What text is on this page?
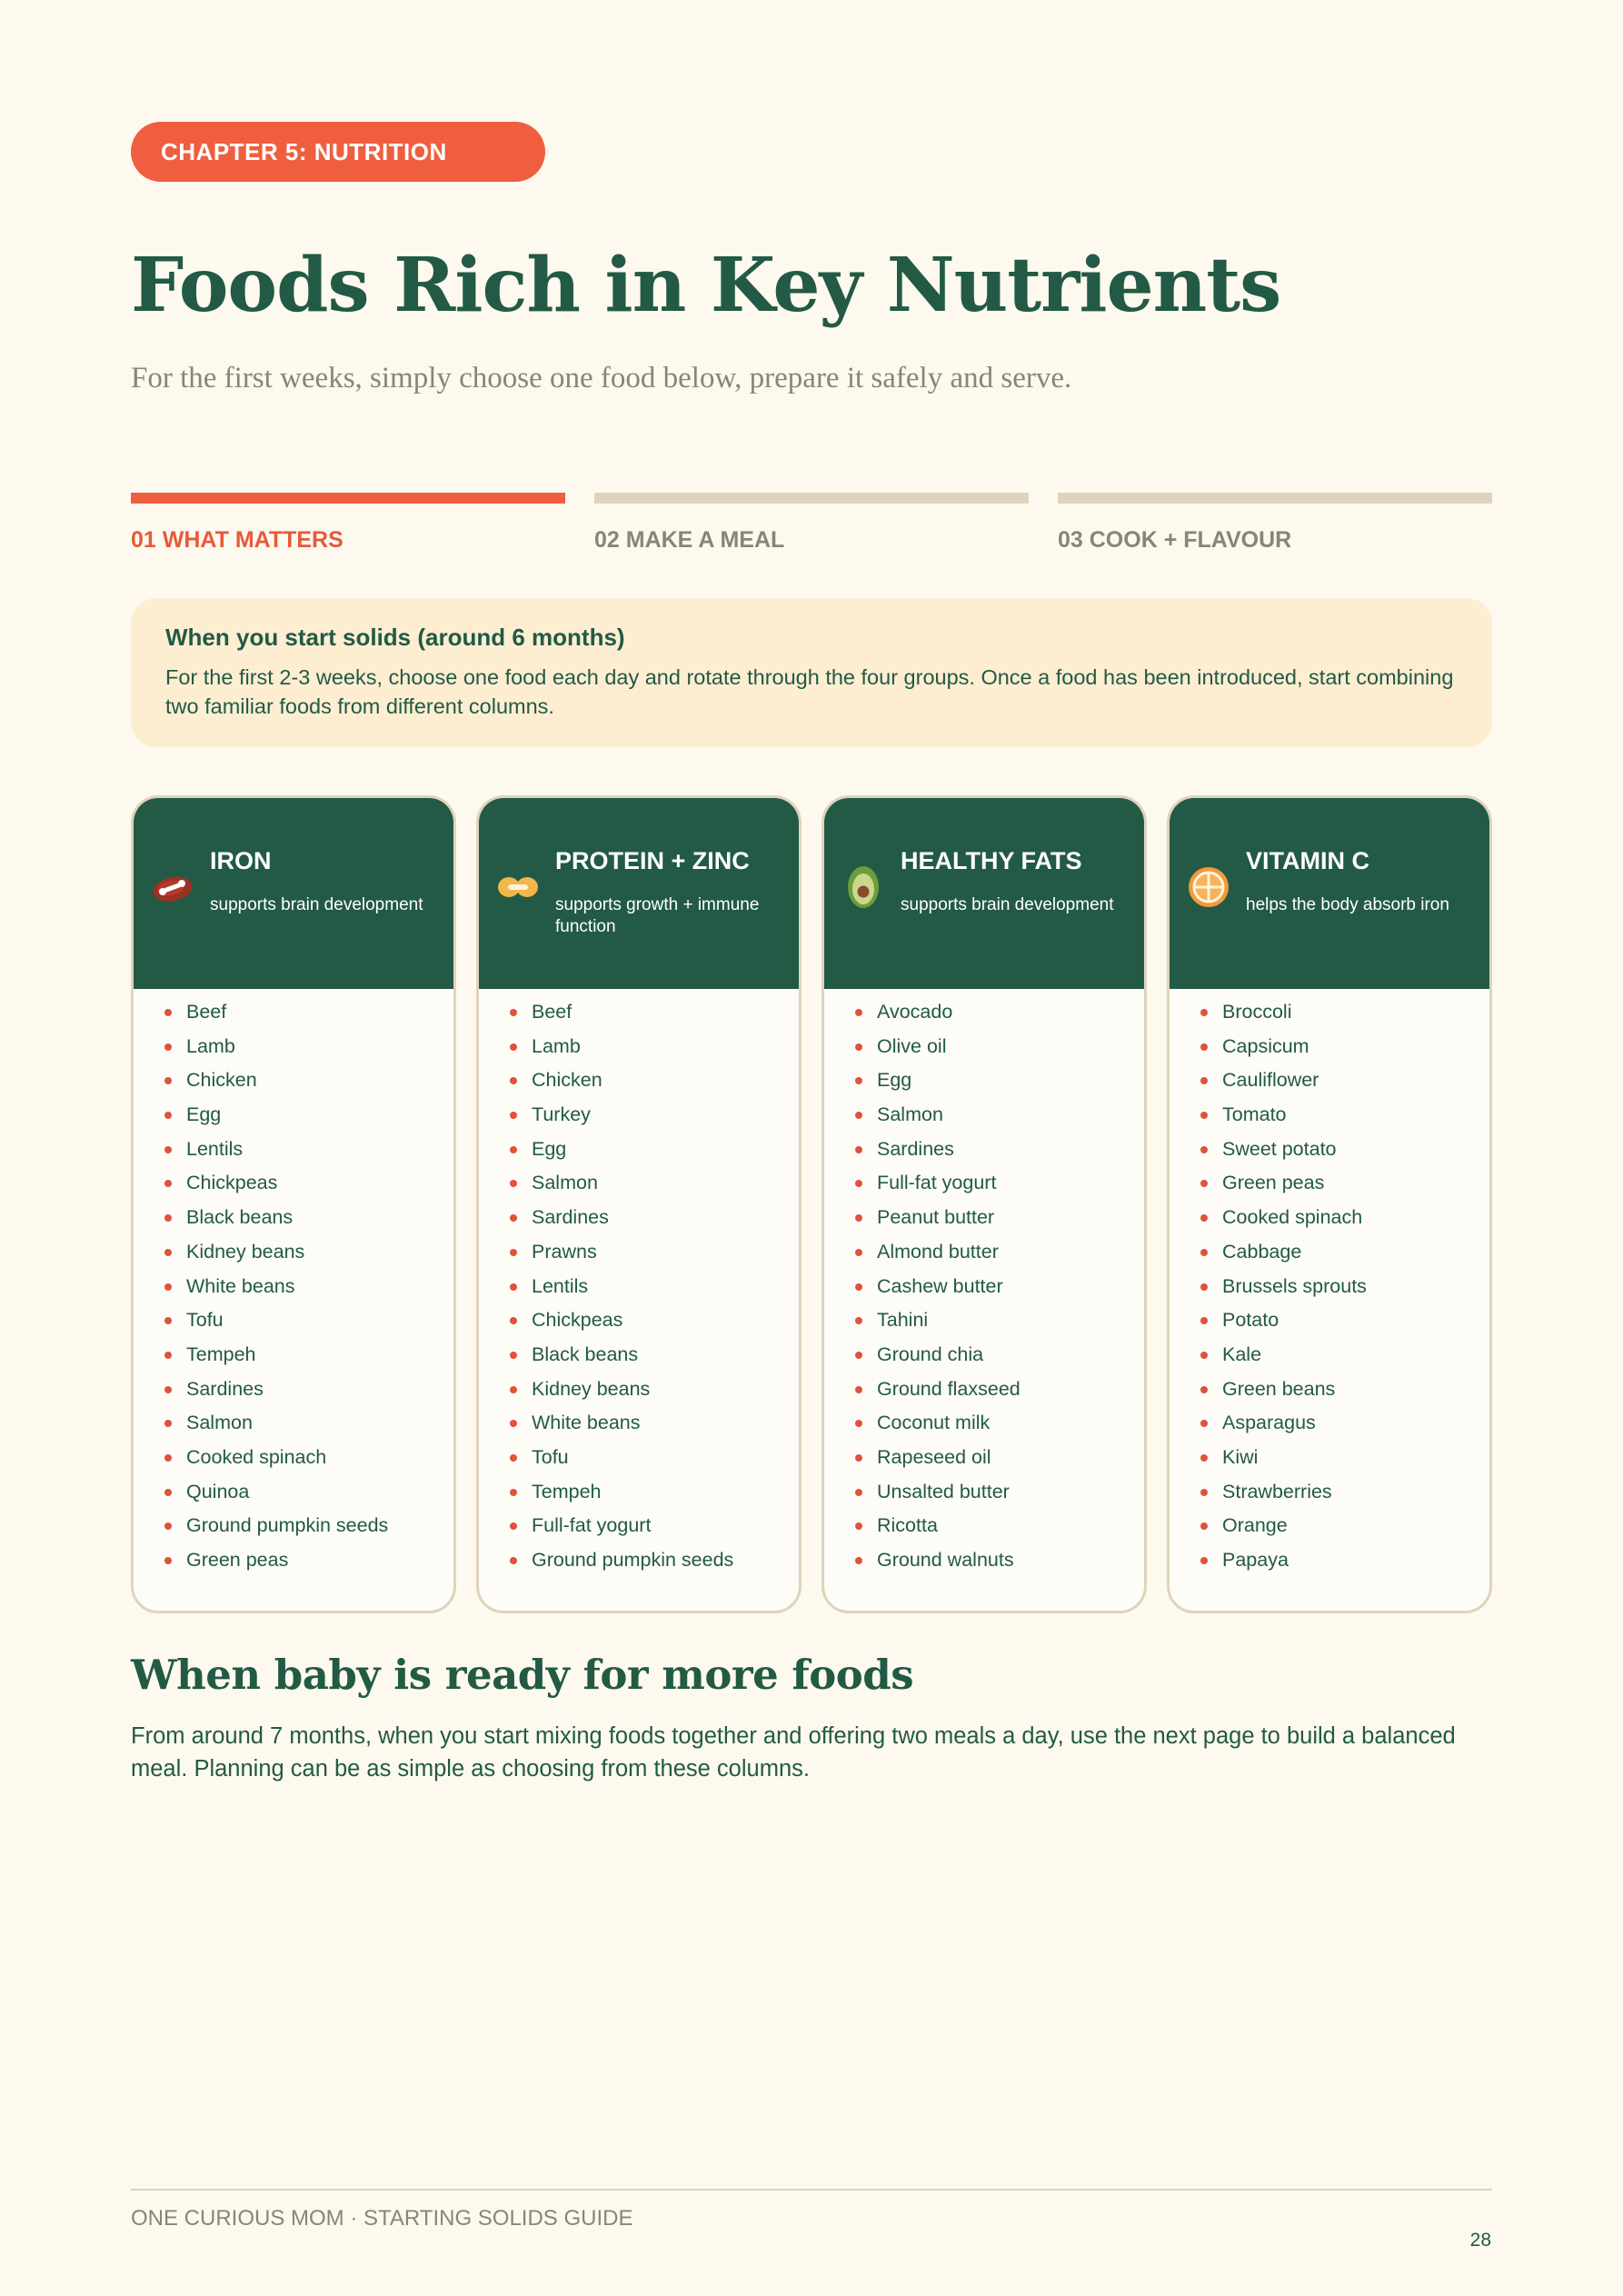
CHAPTER 5: NUTRITION
Foods Rich in Key Nutrients
For the first weeks, simply choose one food below, prepare it safely and serve.
01 WHAT MATTERS	02 MAKE A MEAL	03 COOK + FLAVOUR
When you start solids (around 6 months)
For the first 2-3 weeks, choose one food each day and rotate through the four groups. Once a food has been introduced, start combining two familiar foods from different columns.
IRON
supports brain development
Beef
Lamb
Chicken
Egg
Lentils
Chickpeas
Black beans
Kidney beans
White beans
Tofu
Tempeh
Sardines
Salmon
Cooked spinach
Quinoa
Ground pumpkin seeds
Green peas
PROTEIN + ZINC
supports growth + immune function
Beef
Lamb
Chicken
Turkey
Egg
Salmon
Sardines
Prawns
Lentils
Chickpeas
Black beans
Kidney beans
White beans
Tofu
Tempeh
Full-fat yogurt
Ground pumpkin seeds
HEALTHY FATS
supports brain development
Avocado
Olive oil
Egg
Salmon
Sardines
Full-fat yogurt
Peanut butter
Almond butter
Cashew butter
Tahini
Ground chia
Ground flaxseed
Coconut milk
Rapeseed oil
Unsalted butter
Ricotta
Ground walnuts
VITAMIN C
helps the body absorb iron
Broccoli
Capsicum
Cauliflower
Tomato
Sweet potato
Green peas
Cooked spinach
Cabbage
Brussels sprouts
Potato
Kale
Green beans
Asparagus
Kiwi
Strawberries
Orange
Papaya
When baby is ready for more foods
From around 7 months, when you start mixing foods together and offering two meals a day, use the next page to build a balanced meal. Planning can be as simple as choosing from these columns.
ONE CURIOUS MOM · STARTING SOLIDS GUIDE
28
